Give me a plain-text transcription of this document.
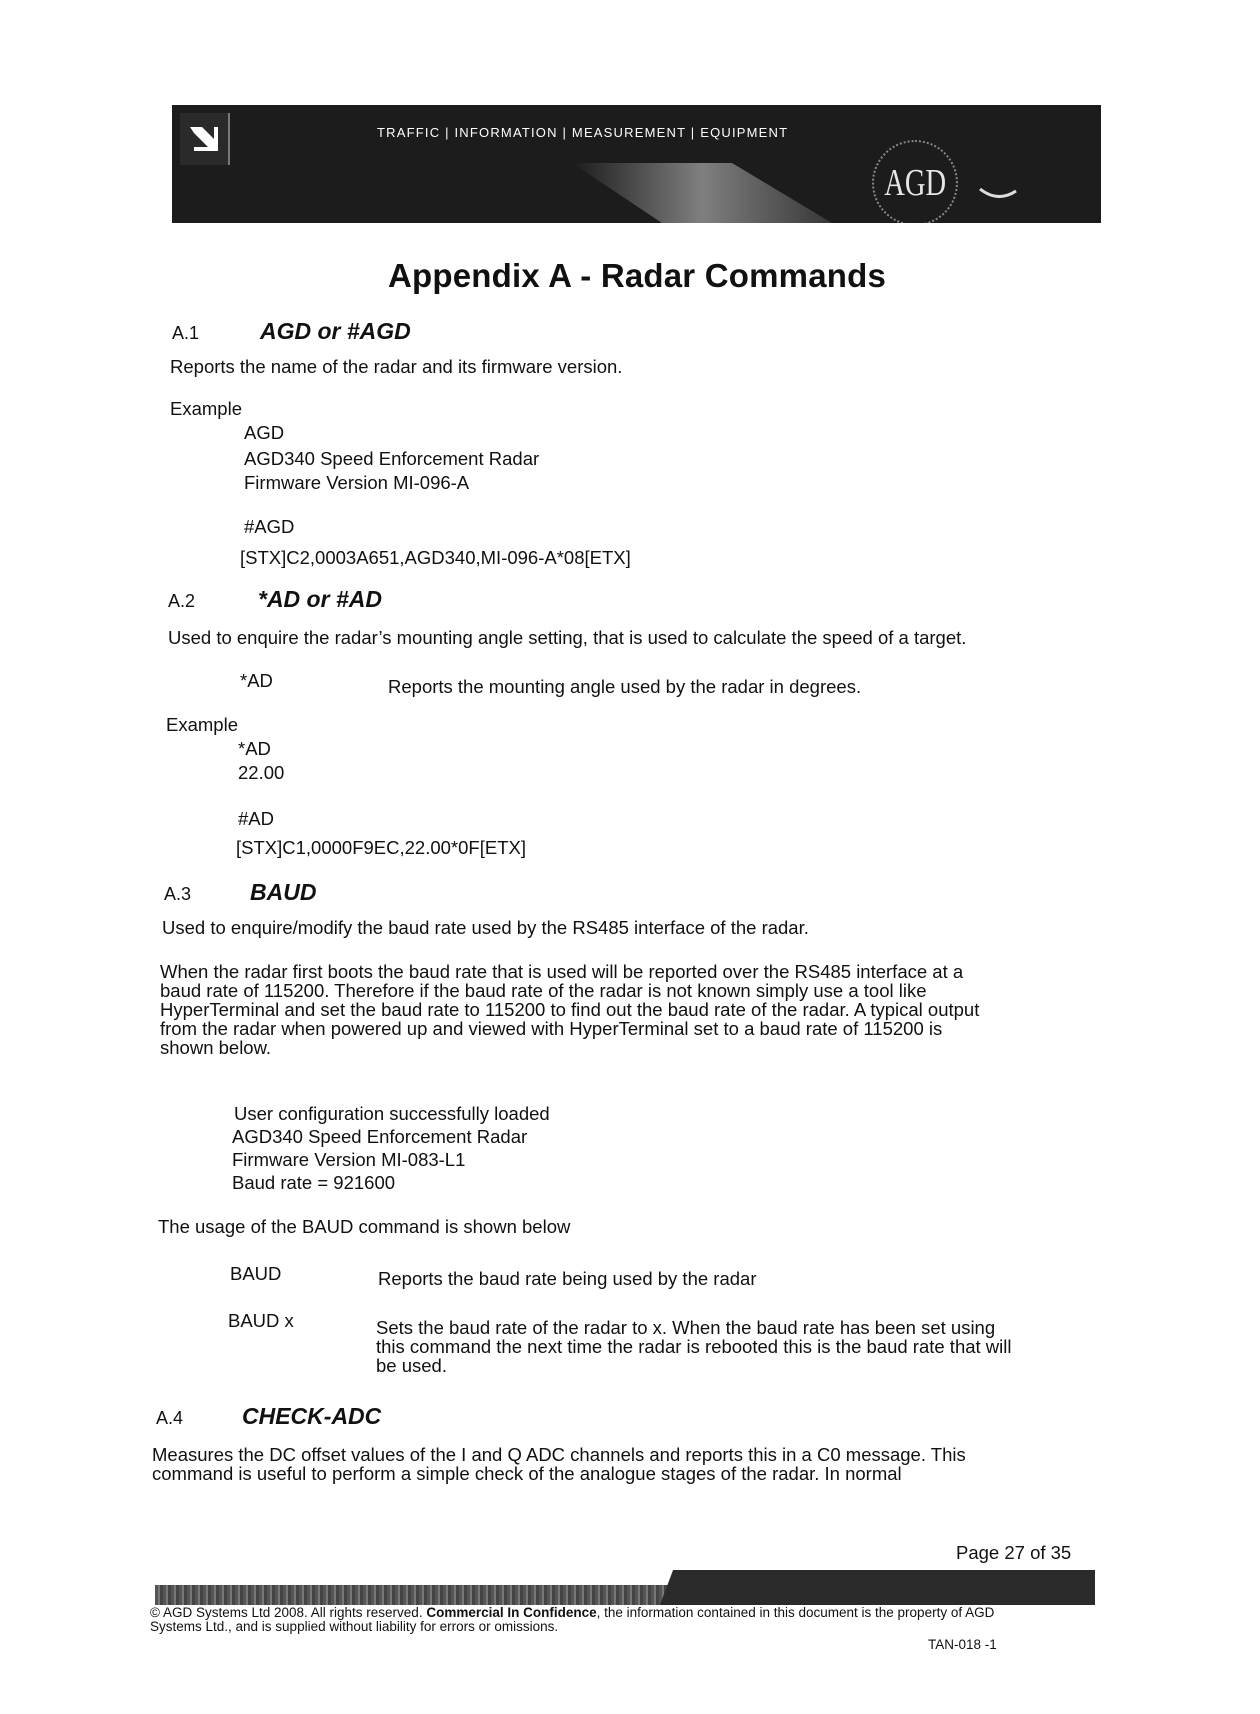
TRAFFIC | INFORMATION | MEASUREMENT | EQUIPMENT
AGD
Appendix A - Radar Commands
A.1	AGD or #AGD
Reports the name of the radar and its firmware version.
Example
AGD
AGD340 Speed Enforcement Radar
Firmware Version MI-096-A
#AGD
[STX]C2,0003A651,AGD340,MI-096-A*08[ETX]
A.2	*AD or #AD
Used to enquire the radar’s mounting angle setting, that is used to calculate the speed of a target.
*AD	Reports the mounting angle used by the radar in degrees.
Example
*AD
22.00
#AD
[STX]C1,0000F9EC,22.00*0F[ETX]
A.3	BAUD
Used to enquire/modify the baud rate used by the RS485 interface of the radar.
When the radar first boots the baud rate that is used will be reported over the RS485 interface at a
baud rate of 115200. Therefore if the baud rate of the radar is not known simply use a tool like
HyperTerminal and set the baud rate to 115200 to find out the baud rate of the radar. A typical output
from the radar when powered up and viewed with HyperTerminal set to a baud rate of 115200 is
shown below.
User configuration successfully loaded
AGD340 Speed Enforcement Radar
Firmware Version MI-083-L1
Baud rate = 921600
The usage of the BAUD command is shown below
BAUD	Reports the baud rate being used by the radar
BAUD x	Sets the baud rate of the radar to x. When the baud rate has been set using
this command the next time the radar is rebooted this is the baud rate that will
be used.
A.4	CHECK-ADC
Measures the DC offset values of the I and Q ADC channels and reports this in a C0 message. This
command is useful to perform a simple check of the analogue stages of the radar. In normal
Page 27 of 35
© AGD Systems Ltd 2008. All rights reserved. Commercial In Confidence, the information contained in this document is the property of AGD
Systems Ltd., and is supplied without liability for errors or omissions.
TAN-018 -1
